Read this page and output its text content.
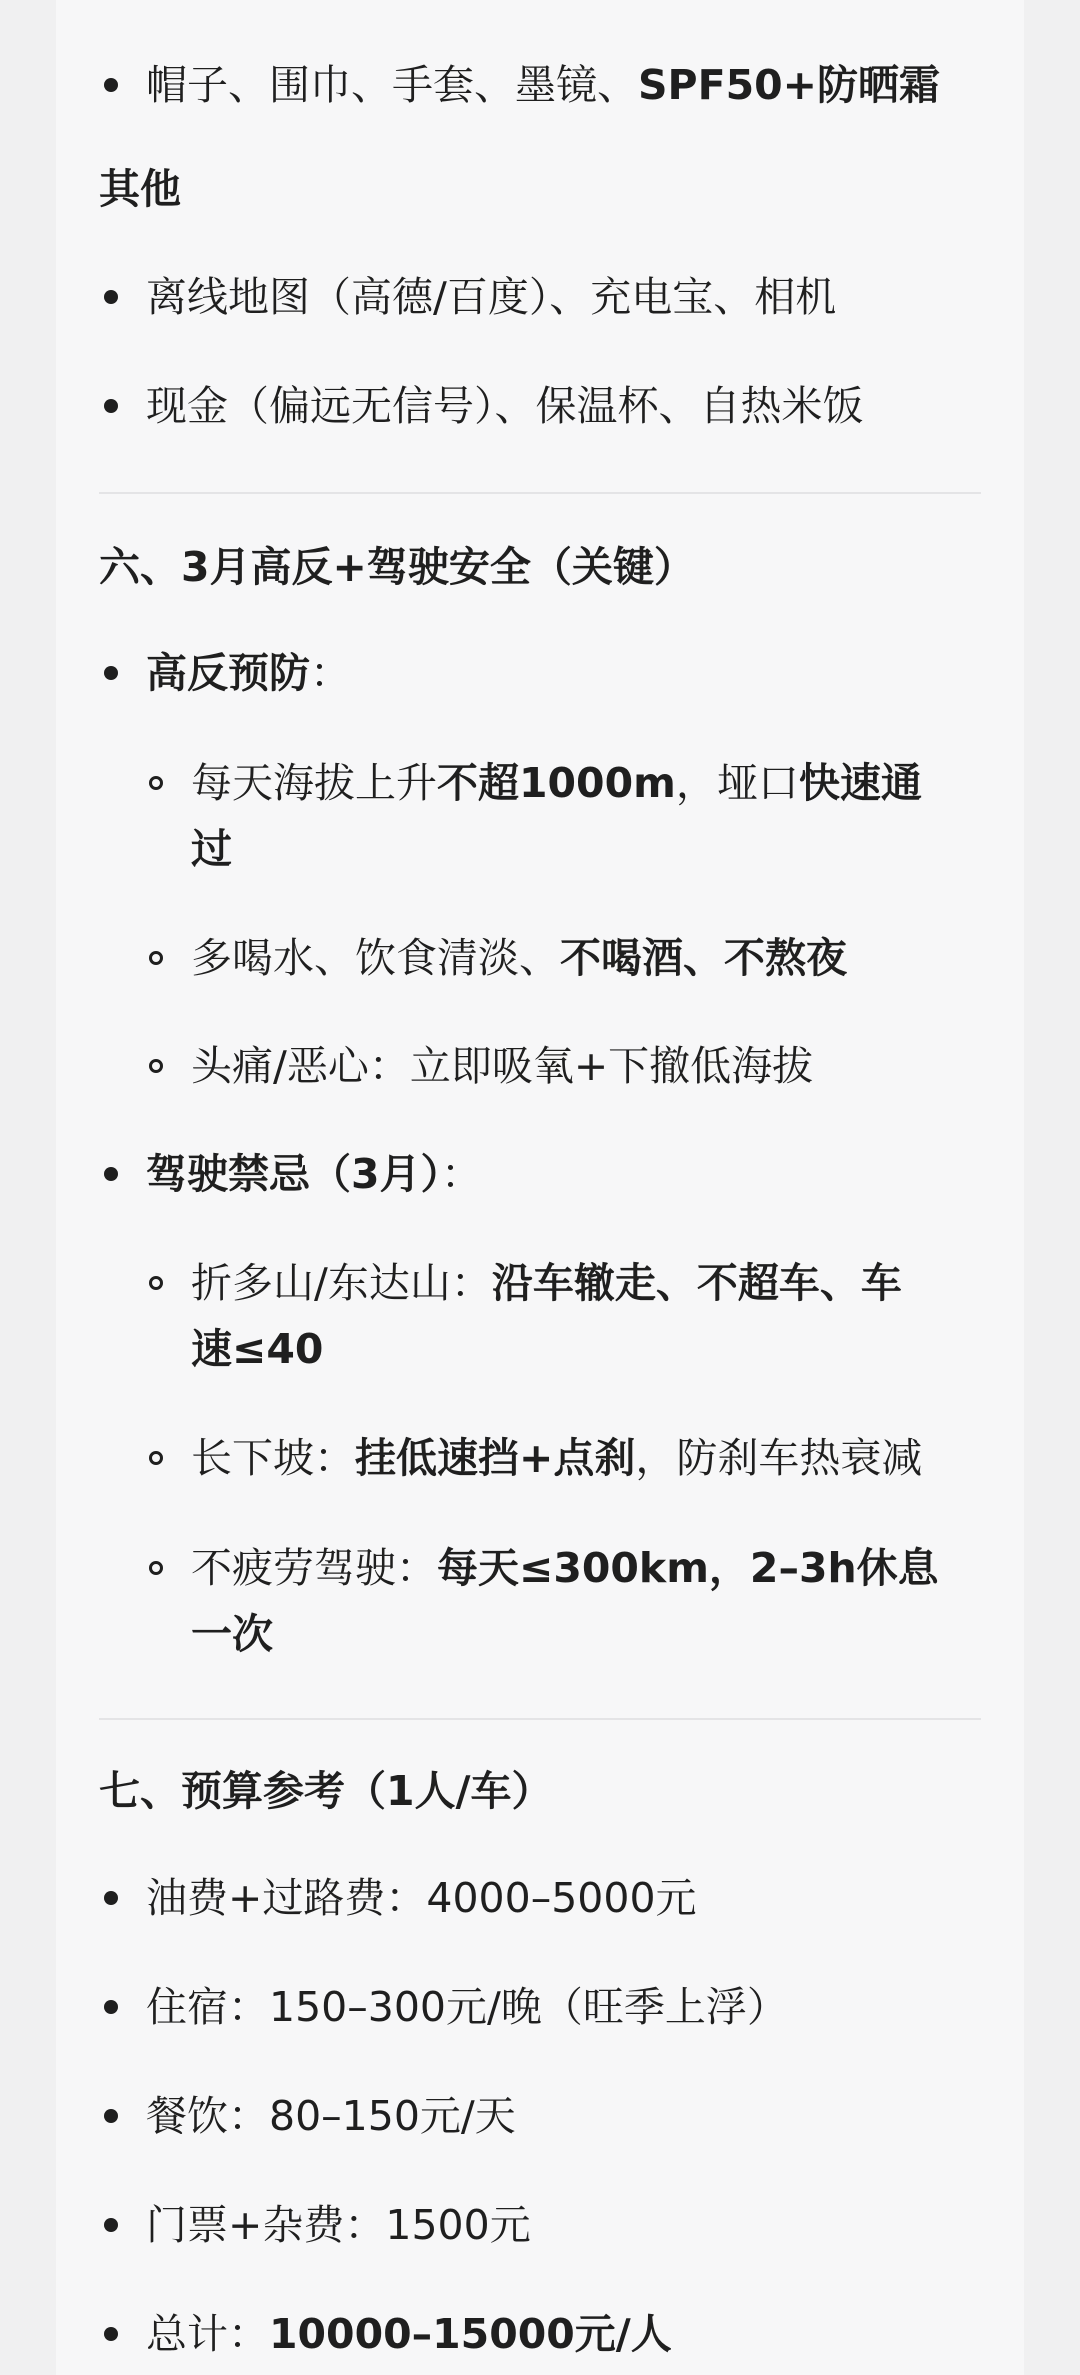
帽子、围巾、手套、墨镜、SPF50+防晒霜
其他
离线地图（高德/百度）、充电宝、相机
现金（偏远无信号）、保温杯、自热米饭
六、3月高反+驾驶安全（关键）
高反预防：
每天海拔上升不超1000m，垭口快速通
过
多喝水、饮食清淡、不喝酒、不熬夜
头痛/恶心：立即吸氧+下撤低海拔
驾驶禁忌（3月）：
折多山/东达山：沿车辙走、不超车、车
速≤40
长下坡：挂低速挡+点刹，防刹车热衰减
不疲劳驾驶：每天≤300km，2–3h休息
一次
七、预算参考（1人/车）
油费+过路费：4000–5000元
住宿：150–300元/晚（旺季上浮）
餐饮：80–150元/天
门票+杂费：1500元
总计：10000–15000元/人
